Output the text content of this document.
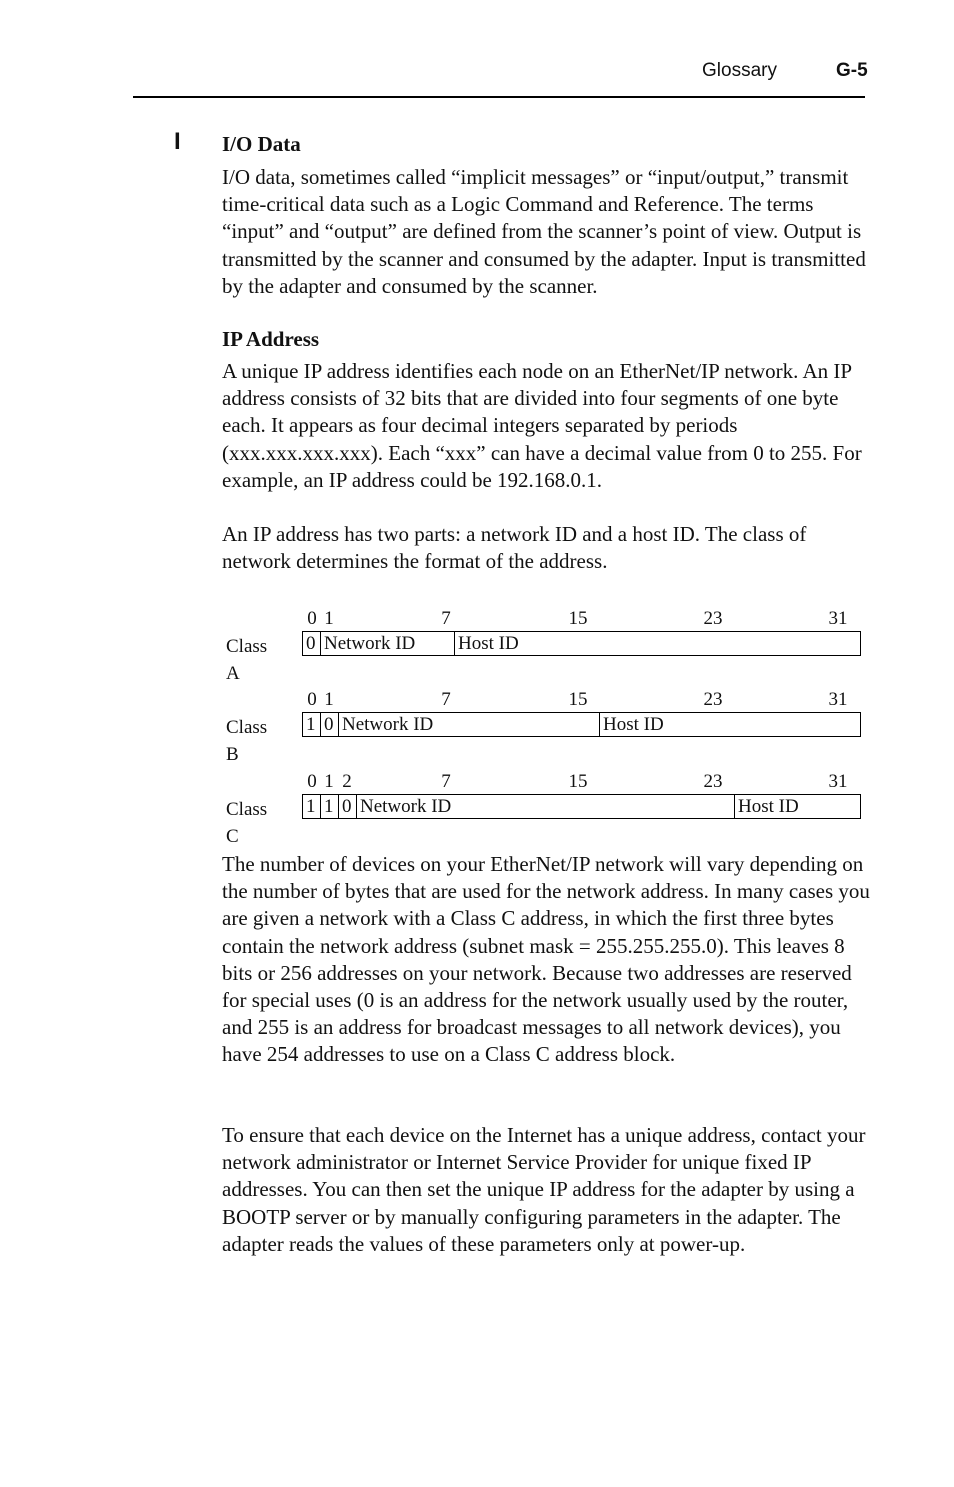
Glossary	G-5
I I/O Data

I/O data, sometimes called “implicit messages” or “input/output,” transmit time-critical data such as a Logic Command and Reference. The terms “input” and “output” are defined from the scanner’s point of view. Output is transmitted by the scanner and consumed by the adapter. Input is transmitted by the adapter and consumed by the scanner.

IP Address

A unique IP address identifies each node on an EtherNet/IP network. An IP address consists of 32 bits that are divided into four segments of one byte each. It appears as four decimal integers separated by periods (xxx.xxx.xxx.xxx). Each “xxx” can have a decimal value from 0 to 255. For example, an IP address could be 192.168.0.1.

An IP address has two parts: a network ID and a host ID. The class of network determines the format of the address.

0 1	7	15	23	31
Class A
0 Network ID	Host ID
0 1	7	15	23	31
Class B
1 0 Network ID	Host ID
0 1 2	7	15	23	31
Class C
1 1 0 Network ID	Host ID

The number of devices on your EtherNet/IP network will vary depending on the number of bytes that are used for the network address. In many cases you are given a network with a Class C address, in which the first three bytes contain the network address (subnet mask = 255.255.255.0). This leaves 8 bits or 256 addresses on your network. Because two addresses are reserved for special uses (0 is an address for the network usually used by the router, and 255 is an address for broadcast messages to all network devices), you have 254 addresses to use on a Class C address block.

To ensure that each device on the Internet has a unique address, contact your network administrator or Internet Service Provider for unique fixed IP addresses. You can then set the unique IP address for the adapter by using a BOOTP server or by manually configuring parameters in the adapter. The adapter reads the values of these parameters only at power-up.
